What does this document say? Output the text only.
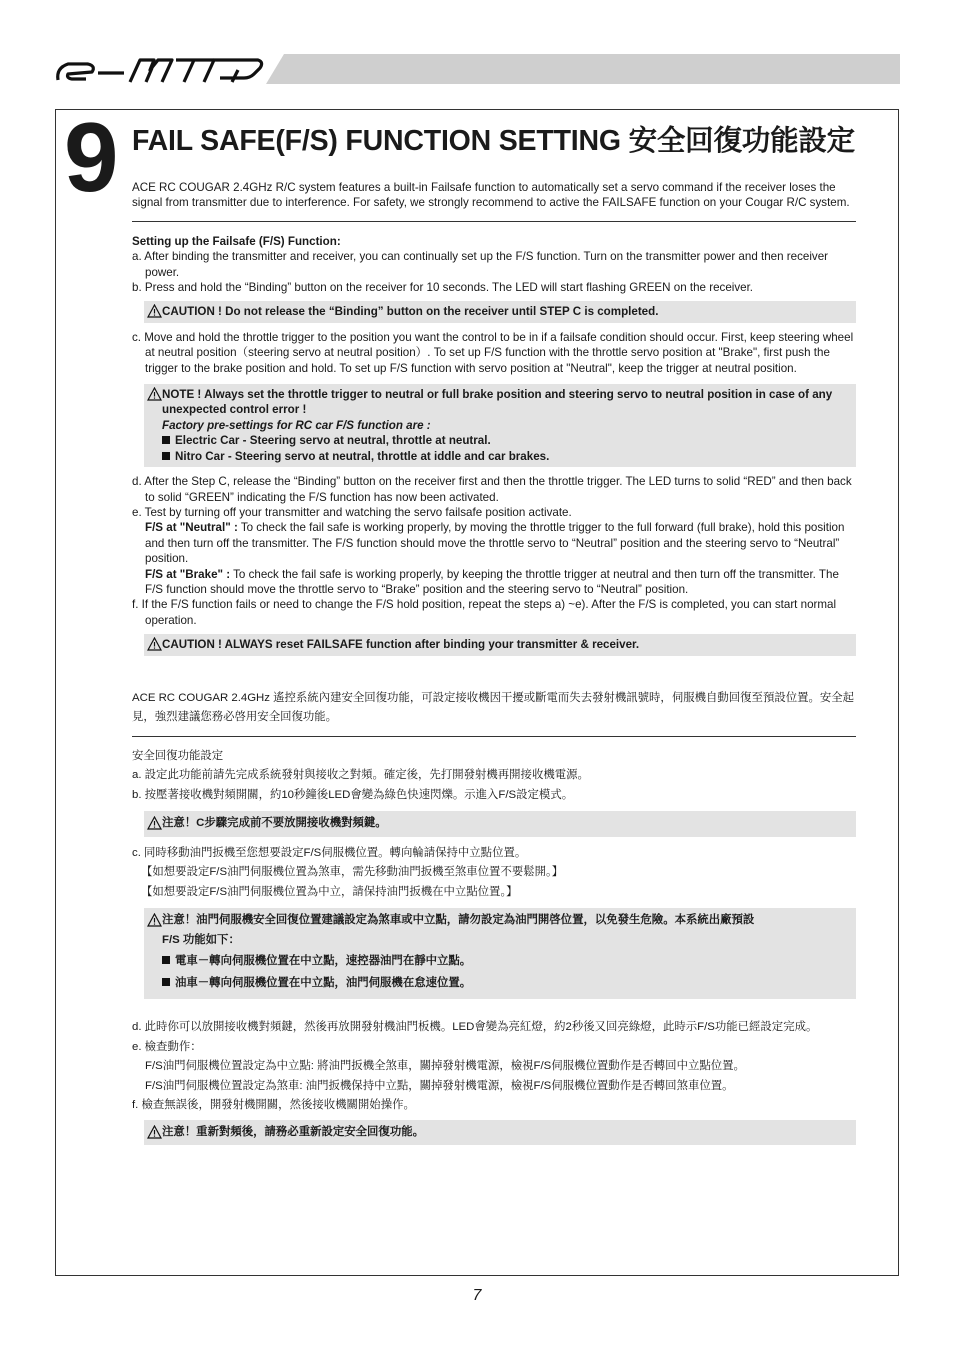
9 FAIL SAFE(F/S) FUNCTION SETTING 安全回復功能設定

ACE RC COUGAR 2.4GHz R/C system features a built-in Failsafe function to automatically set a servo command if the receiver loses the signal from transmitter due to interference. For safety, we strongly recommend to active the FAILSAFE function on your Cougar R/C system.

Setting up the Failsafe (F/S) Function:

a. After binding the transmitter and receiver, you can continually set up the F/S function. Turn on the transmitter power and then receiver power.

b. Press and hold the “Binding” button on the receiver for 10 seconds. The LED will start flashing GREEN on the receiver.

CAUTION ! Do not release the “Binding” button on the receiver until STEP C is completed.

c. Move and hold the throttle trigger to the position you want the control to be in if a failsafe condition should occur. First, keep steering wheel at neutral position（steering servo at neutral position）. To set up F/S function with the throttle servo position at "Brake", first push the trigger to the brake position and hold. To set up F/S function with servo position at "Neutral", keep the trigger at neutral position.

NOTE ! Always set the throttle trigger to neutral or full brake position and steering servo to neutral position in case of any unexpected control error !
Factory pre-settings for RC car F/S function are :
Electric Car - Steering servo at neutral, throttle at neutral.
Nitro Car - Steering servo at neutral, throttle at iddle and car brakes.

d. After the Step C, release the “Binding” button on the receiver first and then the throttle trigger. The LED turns to solid “RED” and then back to solid “GREEN” indicating the F/S function has now been activated.

e. Test by turning off your transmitter and watching the servo failsafe position activate.

F/S at "Neutral" : To check the fail safe is working properly, by moving the throttle trigger to the full forward (full brake), hold this position and then turn off the transmitter. The F/S function should move the throttle servo to “Neutral” position and the steering servo to “Neutral” position.

F/S at "Brake" : To check the fail safe is working properly, by keeping the throttle trigger at neutral and then turn off the transmitter. The F/S function should move the throttle servo to “Brake” position and the steering servo to “Neutral” position.

f. If the F/S function fails or need to change the F/S hold position, repeat the steps a) ~e). After the F/S is completed, you can start normal operation.

CAUTION ! ALWAYS reset FAILSAFE function after binding your transmitter & receiver.

ACE RC COUGAR 2.4GHz 遙控系統內建安全回復功能，可設定接收機因干擾或斷電而失去發射機訊號時，伺服機自動回復至預設位置。安全起見，強烈建議您務必啓用安全回復功能。

安全回復功能設定

a. 設定此功能前請先完成系統發射與接收之對頻。確定後，先打開發射機再開接收機電源。

b. 按壓著接收機對頻開關，約10秒鐘後LED會變為綠色快速閃爍。示進入F/S設定模式。

注意！C步驟完成前不要放開接收機對頻鍵。

c. 同時移動油門扳機至您想要設定F/S伺服機位置。轉向輪請保持中立點位置。

【如想要設定F/S油門伺服機位置為煞車，需先移動油門扳機至煞車位置不要鬆開。】

【如想要設定F/S油門伺服機位置為中立，請保持油門扳機在中立點位置。】

注意！油門伺服機安全回復位置建議設定為煞車或中立點，請勿設定為油門開啓位置，以免發生危險。本系統出廠預設
F/S 功能如下：
電車－轉向伺服機位置在中立點，速控器油門在靜中立點。
油車－轉向伺服機位置在中立點，油門伺服機在怠速位置。

d. 此時你可以放開接收機對頻鍵，然後再放開發射機油門板機。LED會變為亮紅燈，約2秒後又回亮綠燈，此時示F/S功能已經設定完成。

e. 檢查動作：

F/S油門伺服機位置設定為中立點: 將油門扳機全煞車，關掉發射機電源，檢視F/S伺服機位置動作是否轉回中立點位置。

F/S油門伺服機位置設定為煞車: 油門扳機保持中立點，關掉發射機電源，檢視F/S伺服機位置動作是否轉回煞車位置。

f. 檢查無誤後，開發射機開關，然後接收機關開始操作。

注意！重新對頻後，請務必重新設定安全回復功能。
7
